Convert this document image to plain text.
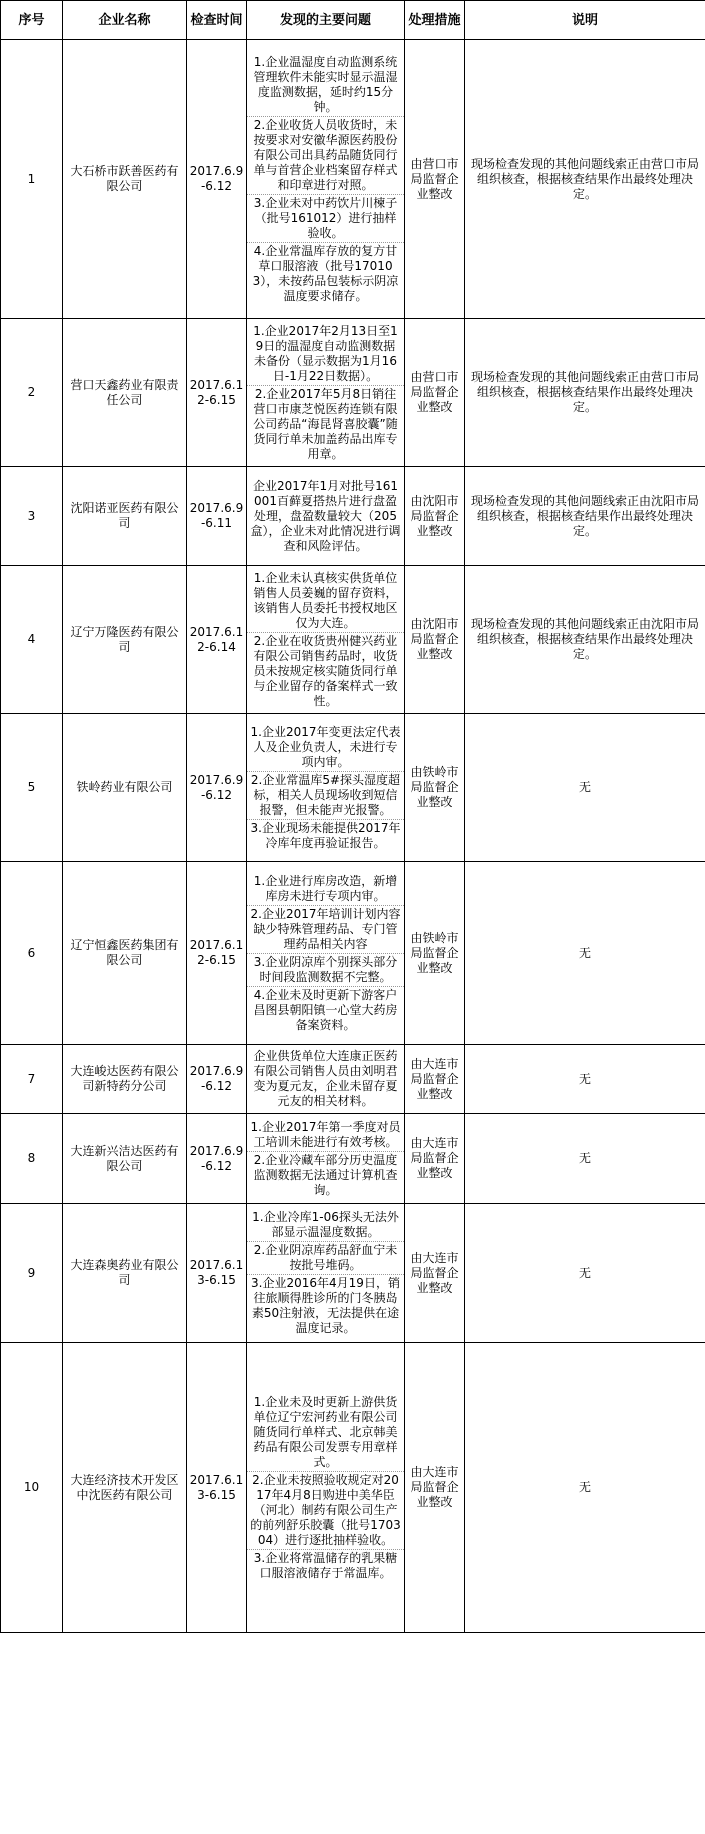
序号	企业名称	检查时间	发现的主要问题	处理措施	说明
1	大石桥市跃善医药有限公司	2017.6.9-6.12	1.企业温湿度自动监测系统管理软件未能实时显示温湿度监测数据，延时约15分钟。
2.企业收货人员收货时，未按要求对安徽华源医药股份有限公司出具药品随货同行单与首营企业档案留存样式和印章进行对照。
3.企业未对中药饮片川楝子（批号161012）进行抽样验收。
4.企业常温库存放的复方甘草口服溶液（批号170103），未按药品包装标示阴凉温度要求储存。	由营口市局监督企业整改	现场检查发现的其他问题线索正由营口市局组织核查，根据核查结果作出最终处理决定。
2	营口天鑫药业有限责任公司	2017.6.12-6.15	1.企业2017年2月13日至19日的温湿度自动监测数据未备份（显示数据为1月16日-1月22日数据）。
2.企业2017年5月8日销往营口市康芝悦医药连锁有限公司药品“海昆肾喜胶囊”随货同行单未加盖药品出库专用章。	由营口市局监督企业整改	现场检查发现的其他问题线索正由营口市局组织核查，根据核查结果作出最终处理决定。
3	沈阳诺亚医药有限公司	2017.6.9-6.11	企业2017年1月对批号161001百藓夏搭热片进行盘盈处理，盘盈数量较大（205盒），企业未对此情况进行调查和风险评估。	由沈阳市局监督企业整改	现场检查发现的其他问题线索正由沈阳市局组织核查，根据核查结果作出最终处理决定。
4	辽宁万隆医药有限公司	2017.6.12-6.14	1.企业未认真核实供货单位销售人员姜巍的留存资料，该销售人员委托书授权地区仅为大连。
2.企业在收货贵州健兴药业有限公司销售药品时，收货员未按规定核实随货同行单与企业留存的备案样式一致性。	由沈阳市局监督企业整改	现场检查发现的其他问题线索正由沈阳市局组织核查，根据核查结果作出最终处理决定。
5	铁岭药业有限公司	2017.6.9-6.12	1.企业2017年变更法定代表人及企业负责人，未进行专项内审。
2.企业常温库5#探头湿度超标，相关人员现场收到短信报警，但未能声光报警。
3.企业现场未能提供2017年冷库年度再验证报告。	由铁岭市局监督企业整改	无
6	辽宁恒鑫医药集团有限公司	2017.6.12-6.15	1.企业进行库房改造，新增库房未进行专项内审。
2.企业2017年培训计划内容缺少特殊管理药品、专门管理药品相关内容
3.企业阴凉库个别探头部分时间段监测数据不完整。
4.企业未及时更新下游客户昌图县朝阳镇一心堂大药房备案资料。	由铁岭市局监督企业整改	无
7	大连峻达医药有限公司新特药分公司	2017.6.9-6.12	企业供货单位大连康正医药有限公司销售人员由刘明君变为夏元友，企业未留存夏元友的相关材料。	由大连市局监督企业整改	无
8	大连新兴洁达医药有限公司	2017.6.9-6.12	1.企业2017年第一季度对员工培训未能进行有效考核。
2.企业冷藏车部分历史温度监测数据无法通过计算机查询。	由大连市局监督企业整改	无
9	大连森奥药业有限公司	2017.6.13-6.15	1.企业冷库1-06探头无法外部显示温湿度数据。
2.企业阴凉库药品舒血宁未按批号堆码。
3.企业2016年4月19日，销往旅顺得胜诊所的门冬胰岛素50注射液，无法提供在途温度记录。	由大连市局监督企业整改	无
10	大连经济技术开发区中沈医药有限公司	2017.6.13-6.15	1.企业未及时更新上游供货单位辽宁宏河药业有限公司随货同行单样式、北京韩美药品有限公司发票专用章样式。
2.企业未按照验收规定对2017年4月8日购进中美华臣（河北）制药有限公司生产的前列舒乐胶囊（批号170304）进行逐批抽样验收。
3.企业将常温储存的乳果糖口服溶液储存于常温库。	由大连市局监督企业整改	无
